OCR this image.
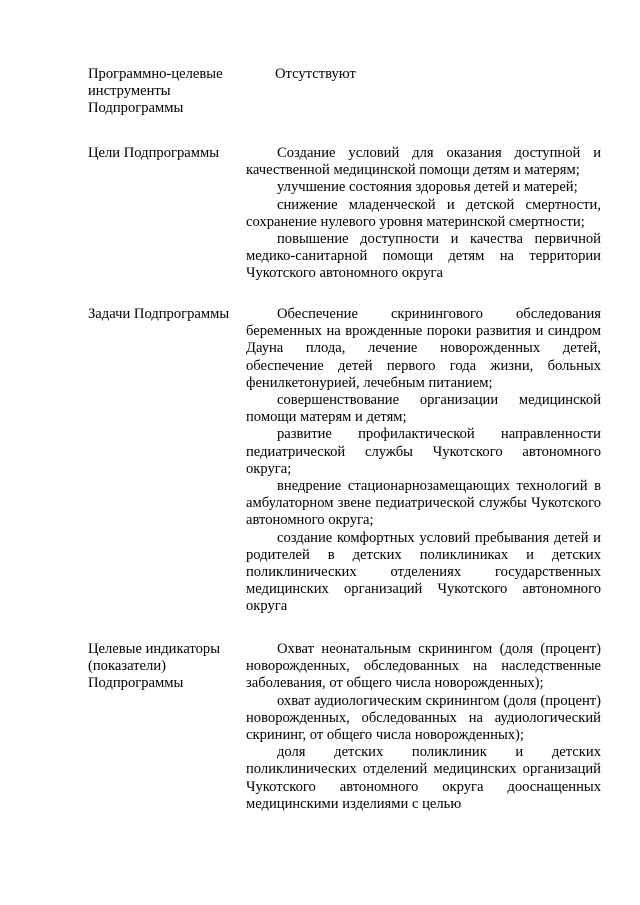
Программно-целевые
инструменты
Подпрограммы

Отсутствуют

Цели Подпрограммы	Создание условий для оказания доступной и качественной медицинской помощи детям и матерям;

улучшение состояния здоровья детей и матерей;

снижение младенческой и детской смертности, сохранение нулевого уровня материнской смертности;

повышение доступности и качества первичной медико-санитарной помощи детям на территории Чукотского автономного округа

Задачи Подпрограммы	Обеспечение скринингового обследования беременных на врожденные пороки развития и синдром Дауна плода, лечение новорожденных детей, обеспечение детей первого года жизни, больных фенилкетонурией, лечебным питанием;

совершенствование организации медицинской помощи матерям и детям;

развитие профилактической направленности педиатрической службы Чукотского автономного округа;

внедрение стационарнозамещающих технологий в амбулаторном звене педиатрической службы Чукотского автономного округа;

создание комфортных условий пребывания детей и родителей в детских поликлиниках и детских поликлинических отделениях государственных медицинских организаций Чукотского автономного округа

Целевые индикаторы
(показатели)
Подпрограммы

Охват неонатальным скринингом (доля (процент) новорожденных, обследованных на наследственные заболевания, от общего числа новорожденных);

охват аудиологическим скринингом (доля (процент) новорожденных, обследованных на аудиологический скрининг, от общего числа новорожденных);

доля детских поликлиник и детских поликлинических отделений медицинских организаций Чукотского автономного округа дооснащенных медицинскими изделиями с целью
